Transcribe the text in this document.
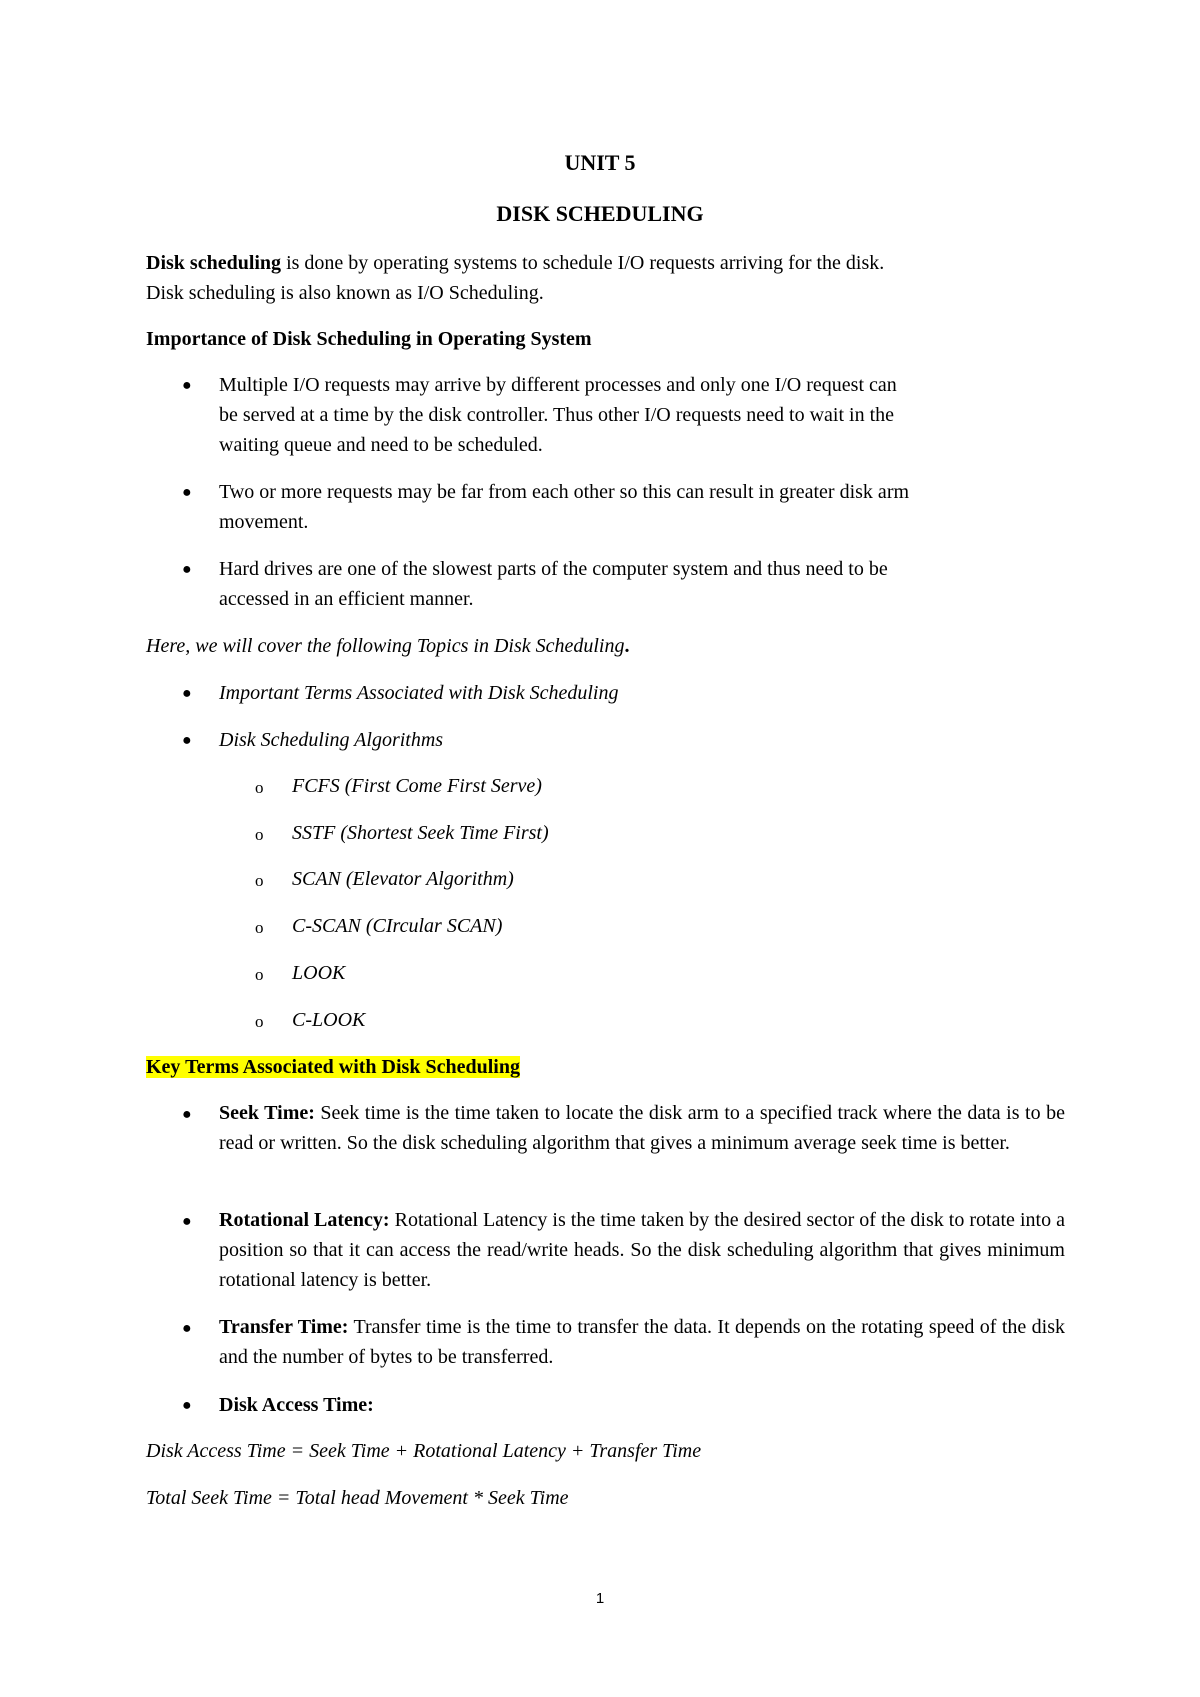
UNIT 5
DISK SCHEDULING
Disk scheduling is done by operating systems to schedule I/O requests arriving for the disk.
Disk scheduling is also known as I/O Scheduling.
Importance of Disk Scheduling in Operating System
● Multiple I/O requests may arrive by different processes and only one I/O request can
be served at a time by the disk controller. Thus other I/O requests need to wait in the
waiting queue and need to be scheduled.
● Two or more requests may be far from each other so this can result in greater disk arm
movement.
● Hard drives are one of the slowest parts of the computer system and thus need to be
accessed in an efficient manner.
Here, we will cover the following Topics in Disk Scheduling.
● Important Terms Associated with Disk Scheduling
● Disk Scheduling Algorithms
o FCFS (First Come First Serve)
o SSTF (Shortest Seek Time First)
o SCAN (Elevator Algorithm)
o C-SCAN (CIrcular SCAN)
o LOOK
o C-LOOK
Key Terms Associated with Disk Scheduling
● Seek Time: Seek time is the time taken to locate the disk arm to a specified track where the data is to be read or written. So the disk scheduling algorithm that gives a minimum average seek time is better.
● Rotational Latency: Rotational Latency is the time taken by the desired sector of the disk to rotate into a position so that it can access the read/write heads. So the disk scheduling algorithm that gives minimum rotational latency is better.
● Transfer Time: Transfer time is the time to transfer the data. It depends on the rotating speed of the disk and the number of bytes to be transferred.
● Disk Access Time:
Disk Access Time = Seek Time + Rotational Latency + Transfer Time
Total Seek Time = Total head Movement * Seek Time
1
